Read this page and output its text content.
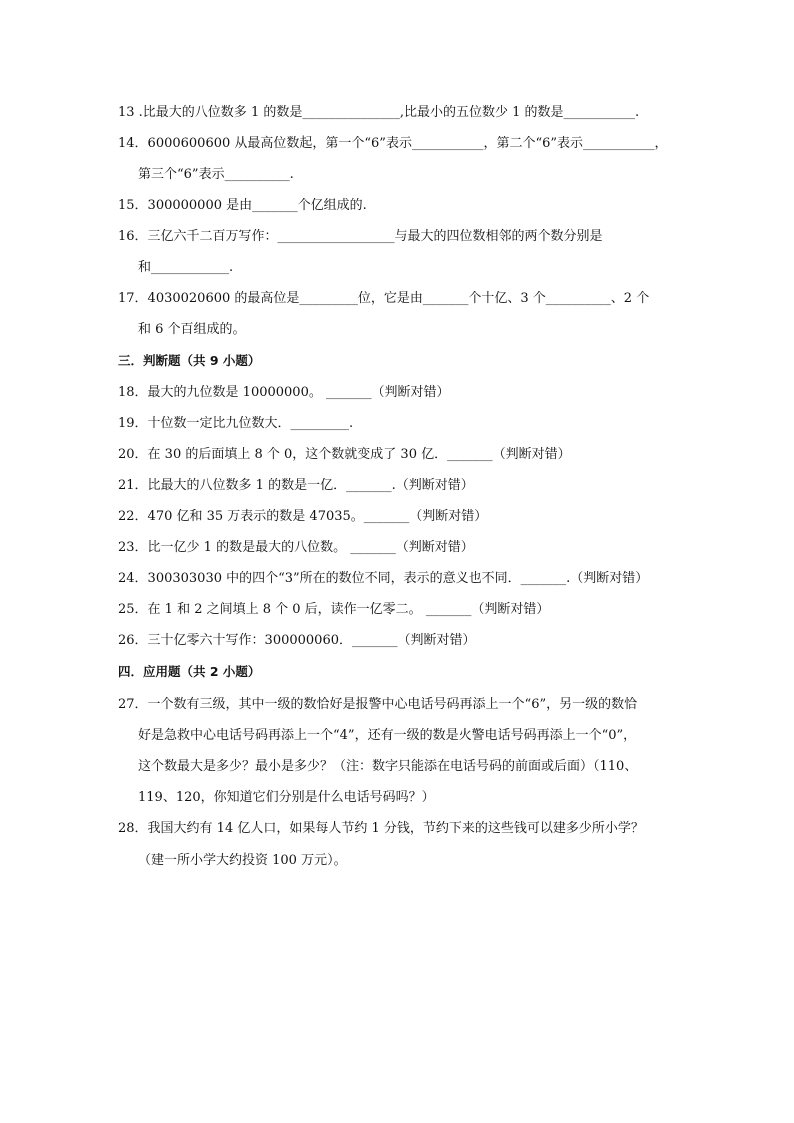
13 .比最大的八位数多 1 的数是_______________,比最小的五位数少 1 的数是___________.
14．6000600600 从最高位数起，第一个“6”表示___________，第二个“6”表示___________，
第三个“6”表示__________.
15．300000000 是由_______个亿组成的.
16．三亿六千二百万写作：__________________与最大的四位数相邻的两个数分别是
和____________.
17．4030020600 的最高位是_________位，它是由_______个十亿、3 个__________、2 个
和 6 个百组成的。
三．判断题（共 9 小题）
18．最大的九位数是 10000000。 _______（判断对错）
19．十位数一定比九位数大．_________.
20．在 30 的后面填上 8 个 0，这个数就变成了 30 亿．_______（判断对错）
21．比最大的八位数多 1 的数是一亿．_______.（判断对错）
22．470 亿和 35 万表示的数是 47035。_______（判断对错）
23．比一亿少 1 的数是最大的八位数。 _______（判断对错）
24．300303030 中的四个“3”所在的数位不同，表示的意义也不同．_______.（判断对错）
25．在 1 和 2 之间填上 8 个 0 后，读作一亿零二。 _______（判断对错）
26．三十亿零六十写作：300000060．_______（判断对错）
四．应用题（共 2 小题）
27．一个数有三级，其中一级的数恰好是报警中心电话号码再添上一个“6”，另一级的数恰
好是急救中心电话号码再添上一个“4”，还有一级的数是火警电话号码再添上一个“0”，
这个数最大是多少？最小是多少？（注：数字只能添在电话号码的前面或后面）（110、
119、120，你知道它们分别是什么电话号码吗？）
28．我国大约有 14 亿人口，如果每人节约 1 分钱，节约下来的这些钱可以建多少所小学？
（建一所小学大约投资 100 万元）。
